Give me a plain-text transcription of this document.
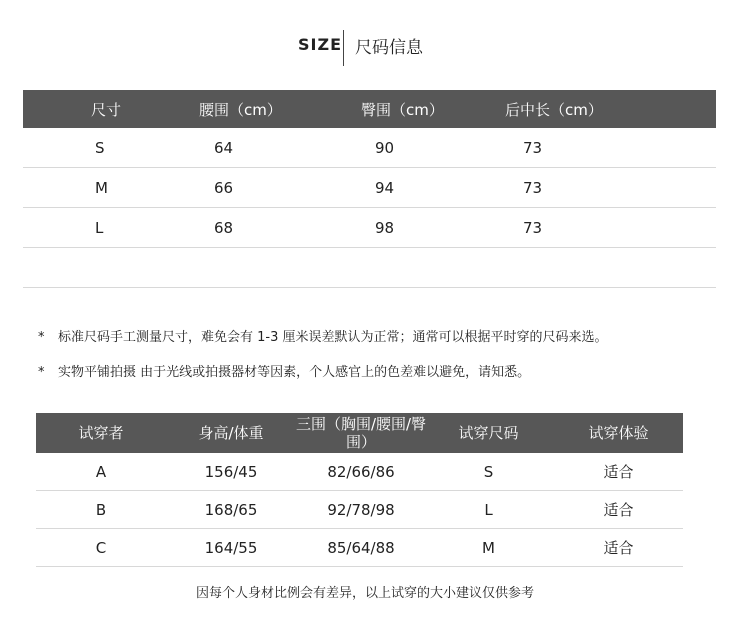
SIZE 尺码信息
尺寸	腰围（cm）	臀围（cm）	后中长（cm）
S	64	90	73
M	66	94	73
L	68	98	73
* 标准尺码手工测量尺寸，难免会有 1-3 厘米误差默认为正常；通常可以根据平时穿的尺码来选。
* 实物平铺拍摄 由于光线或拍摄器材等因素，个人感官上的色差难以避免，请知悉。
试穿者	身高/体重	三围（胸围/腰围/臀围）	试穿尺码	试穿体验
A	156/45	82/66/86	S	适合
B	168/65	92/78/98	L	适合
C	164/55	85/64/88	M	适合
因每个人身材比例会有差异，以上试穿的大小建议仅供参考
